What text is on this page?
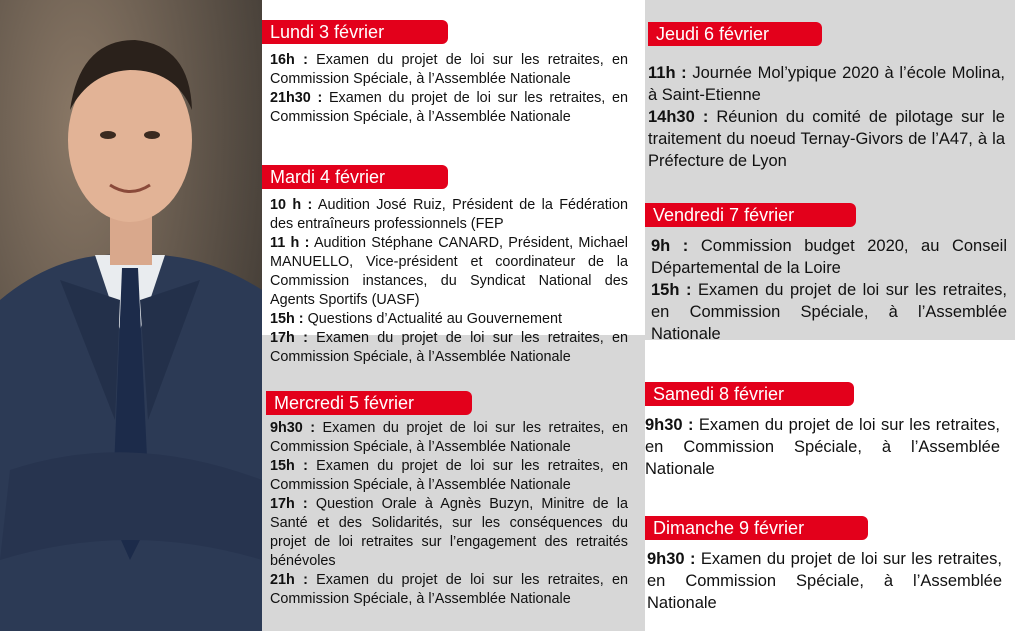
Lundi 3 février

16h : Examen du projet de loi sur les retraites, en Commission Spéciale, à l’Assemblée Nationale

21h30 : Examen du projet de loi sur les retraites, en Commission Spéciale, à l’Assemblée Nationale

Mardi 4 février

10 h : Audition José Ruiz, Président de la Fédération des entraîneurs professionnels (FEP

11 h : Audition Stéphane CANARD, Président, Michael MANUELLO, Vice-président et coordinateur de la Commission instances, du Syndicat National des Agents Sportifs (UASF)

15h : Questions d’Actualité au Gouvernement

17h : Examen du projet de loi sur les retraites, en Commission Spéciale, à l’Assemblée Nationale

Mercredi 5 février

9h30 : Examen du projet de loi sur les retraites, en Commission Spéciale, à l’Assemblée Nationale

15h : Examen du projet de loi sur les retraites, en Commission Spéciale, à l’Assemblée Nationale

17h : Question Orale à Agnès Buzyn, Minitre de la Santé et des Solidarités, sur les conséquences du projet de loi retraites sur l’engagement des retraités bénévoles

21h : Examen du projet de loi sur les retraites, en Commission Spéciale, à l’Assemblée Nationale

Jeudi 6 février

11h : Journée Mol’ypique 2020 à l’école Molina, à Saint-Etienne

14h30 : Réunion du comité de pilotage sur le traitement du noeud Ternay-Givors de l’A47, à la Préfecture de Lyon

Vendredi 7 février

9h : Commission budget 2020, au Conseil Départemental de la Loire

15h : Examen du projet de loi sur les retraites, en Commission Spéciale, à l’Assemblée Nationale

Samedi 8 février

9h30 : Examen du projet de loi sur les retraites, en Commission Spéciale, à l’Assemblée Nationale

Dimanche 9 février

9h30 : Examen du projet de loi sur les retraites, en Commission Spéciale, à l’Assemblée Nationale
